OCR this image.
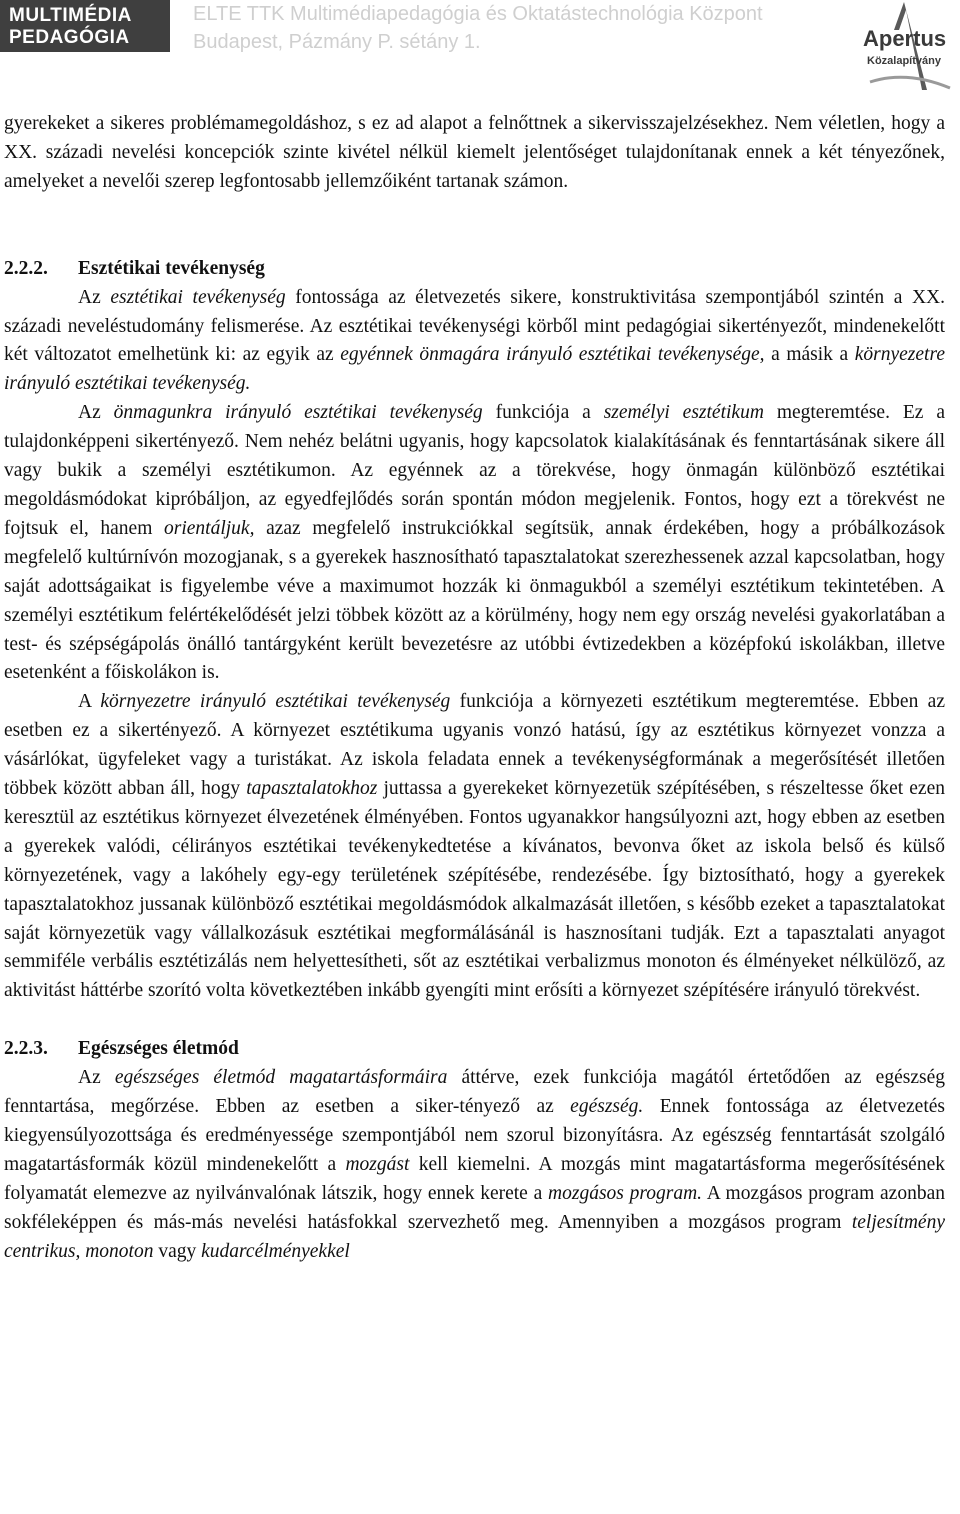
MULTIMÉDIA
PEDAGÓGIA
ELTE TTK Multimédiapedagógia és Oktatástechnológia Központ
Budapest, Pázmány P. sétány 1.	Apertus
Közalapítvány

gyerekeket a sikeres problémamegoldáshoz, s ez ad alapot a felnőttnek a sikervisszajelzésekhez. Nem véletlen, hogy a XX. századi nevelési koncepciók szinte kivétel nélkül kiemelt jelentőséget tulajdonítanak ennek a két tényezőnek, amelyeket a nevelői szerep legfontosabb jellemzőiként tartanak számon.

2.2.2. Esztétikai tevékenység

Az esztétikai tevékenység fontossága az életvezetés sikere, konstruktivitása szempontjából szintén a XX. századi neveléstudomány felismerése. Az esztétikai tevékenységi körből mint pedagógiai sikertényezőt, mindenekelőtt két változatot emelhetünk ki: az egyik az egyénnek önmagára irányuló esztétikai tevékenysége, a másik a környezetre irányuló esztétikai tevékenység.

Az önmagunkra irányuló esztétikai tevékenység funkciója a személyi esztétikum megteremtése. Ez a tulajdonképpeni sikertényező. Nem nehéz belátni ugyanis, hogy kapcsolatok kialakításának és fenntartásának sikere áll vagy bukik a személyi esztétikumon. Az egyénnek az a törekvése, hogy önmagán különböző esztétikai megoldásmódokat kipróbáljon, az egyedfejlődés során spontán módon megjelenik. Fontos, hogy ezt a törekvést ne fojtsuk el, hanem orientáljuk, azaz megfelelő instrukciókkal segítsük, annak érdekében, hogy a próbálkozások megfelelő kultúrnívón mozogjanak, s a gyerekek hasznosítható tapasztalatokat szerezhessenek azzal kapcsolatban, hogy saját adottságaikat is figyelembe véve a maximumot hozzák ki önmagukból a személyi esztétikum tekintetében. A személyi esztétikum felértékelődését jelzi többek között az a körülmény, hogy nem egy ország nevelési gyakorlatában a test- és szépségápolás önálló tantárgyként került bevezetésre az utóbbi évtizedekben a középfokú iskolákban, illetve esetenként a főiskolákon is.

A környezetre irányuló esztétikai tevékenység funkciója a környezeti esztétikum megteremtése. Ebben az esetben ez a sikertényező. A környezet esztétikuma ugyanis vonzó hatású, így az esztétikus környezet vonzza a vásárlókat, ügyfeleket vagy a turistákat. Az iskola feladata ennek a tevékenységformának a megerősítését illetően többek között abban áll, hogy tapasztalatokhoz juttassa a gyerekeket környezetük szépítésében, s részeltesse őket ezen keresztül az esztétikus környezet élvezetének élményében. Fontos ugyanakkor hangsúlyozni azt, hogy ebben az esetben a gyerekek valódi, célirányos esztétikai tevékenykedtetése a kívánatos, bevonva őket az iskola belső és külső környezetének, vagy a lakóhely egy-egy területének szépítésébe, rendezésébe. Így biztosítható, hogy a gyerekek tapasztalatokhoz jussanak különböző esztétikai megoldásmódok alkalmazását illetően, s később ezeket a tapasztalatokat saját környezetük vagy vállalkozásuk esztétikai megformálásánál is hasznosítani tudják. Ezt a tapasztalati anyagot semmiféle verbális esztétizálás nem helyettesítheti, sőt az esztétikai verbalizmus monoton és élményeket nélkülöző, az aktivitást háttérbe szorító volta következtében inkább gyengíti mint erősíti a környezet szépítésére irányuló törekvést.

2.2.3. Egészséges életmód

Az egészséges életmód magatartásformáira áttérve, ezek funkciója magától értetődően az egészség fenntartása, megőrzése. Ebben az esetben a siker-tényező az egészség. Ennek fontossága az életvezetés kiegyensúlyozottsága és eredményessége szempontjából nem szorul bizonyításra. Az egészség fenntartását szolgáló magatartásformák közül mindenekelőtt a mozgást kell kiemelni. A mozgás mint magatartásforma megerősítésének folyamatát elemezve az nyilvánvalónak látszik, hogy ennek kerete a mozgásos program. A mozgásos program azonban sokféleképpen és más-más nevelési hatásfokkal szervezhető meg. Amennyiben a mozgásos program teljesítmény centrikus, monoton vagy kudarcélményekkel
